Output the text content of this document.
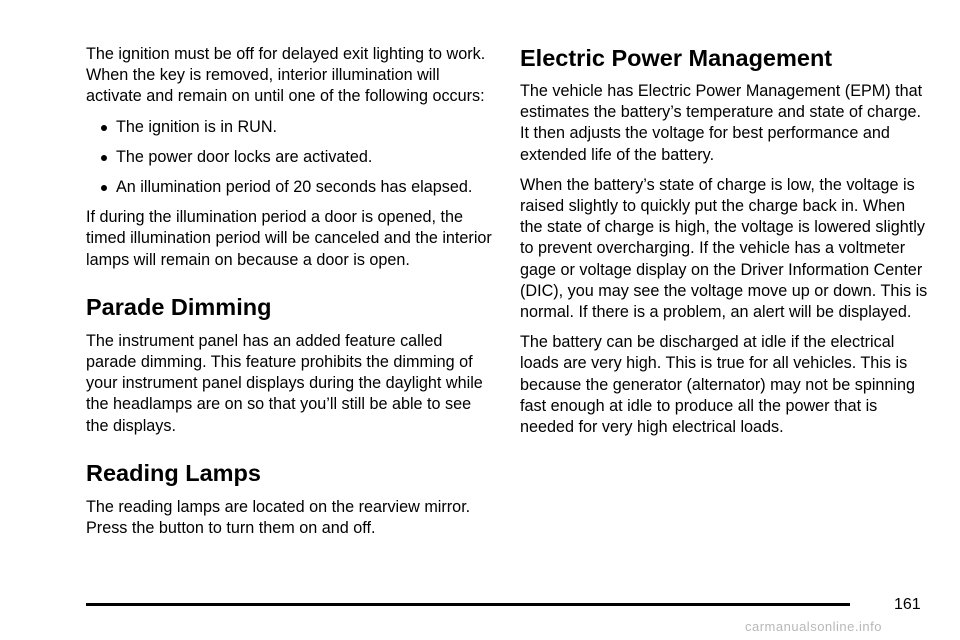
The ignition must be off for delayed exit lighting to work. When the key is removed, interior illumination will activate and remain on until one of the following occurs:

The ignition is in RUN.
The power door locks are activated.
An illumination period of 20 seconds has elapsed.

If during the illumination period a door is opened, the timed illumination period will be canceled and the interior lamps will remain on because a door is open.

Parade Dimming

The instrument panel has an added feature called parade dimming. This feature prohibits the dimming of your instrument panel displays during the daylight while the headlamps are on so that you’ll still be able to see the displays.

Reading Lamps

The reading lamps are located on the rearview mirror. Press the button to turn them on and off.

Electric Power Management

The vehicle has Electric Power Management (EPM) that estimates the battery’s temperature and state of charge. It then adjusts the voltage for best performance and extended life of the battery.

When the battery’s state of charge is low, the voltage is raised slightly to quickly put the charge back in. When the state of charge is high, the voltage is lowered slightly to prevent overcharging. If the vehicle has a voltmeter gage or voltage display on the Driver Information Center (DIC), you may see the voltage move up or down. This is normal. If there is a problem, an alert will be displayed.

The battery can be discharged at idle if the electrical loads are very high. This is true for all vehicles. This is because the generator (alternator) may not be spinning fast enough at idle to produce all the power that is needed for very high electrical loads.

161
carmanualsonline.info
